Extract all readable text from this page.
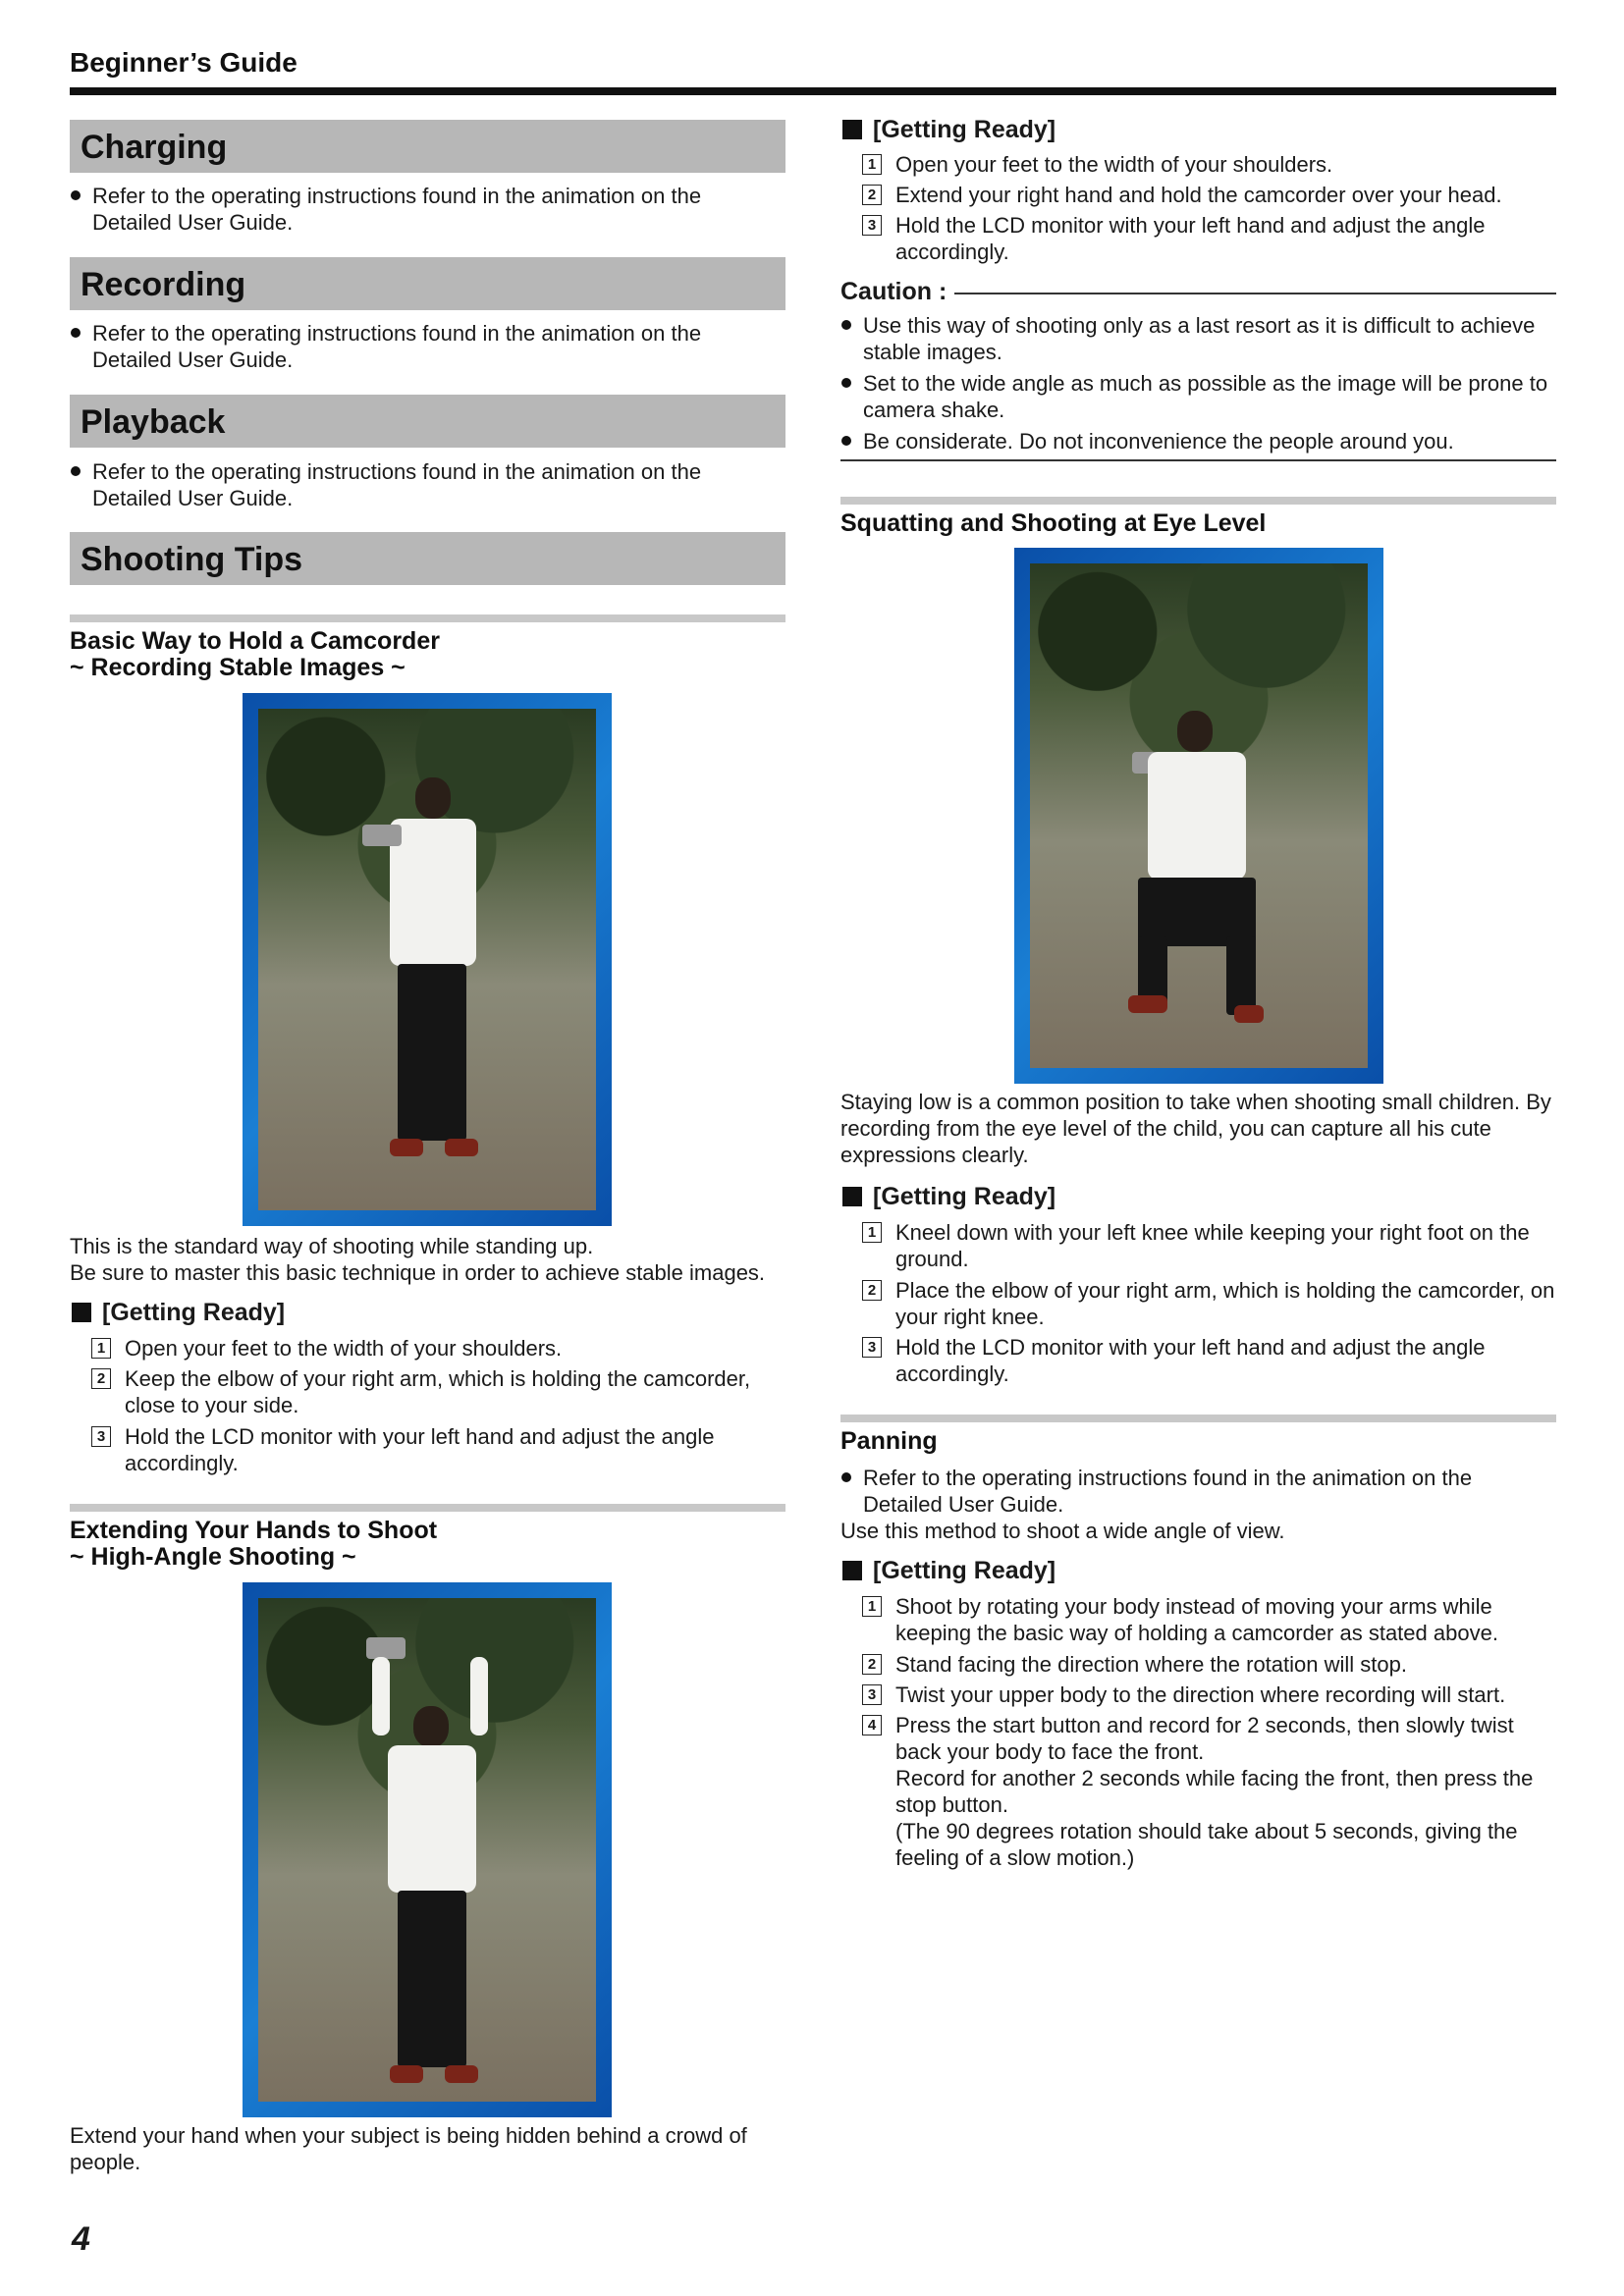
Beginner’s Guide
Charging
Refer to the operating instructions found in the animation on the Detailed User Guide.
Recording
Refer to the operating instructions found in the animation on the Detailed User Guide.
Playback
Refer to the operating instructions found in the animation on the Detailed User Guide.
Shooting Tips
Basic Way to Hold a Camcorder
~ Recording Stable Images ~
This is the standard way of shooting while standing up.
Be sure to master this basic technique in order to achieve stable images.
[Getting Ready]
1 Open your feet to the width of your shoulders.
2 Keep the elbow of your right arm, which is holding the camcorder, close to your side.
3 Hold the LCD monitor with your left hand and adjust the angle accordingly.
Extending Your Hands to Shoot
~ High-Angle Shooting ~
Extend your hand when your subject is being hidden behind a crowd of people.
[Getting Ready]
1 Open your feet to the width of your shoulders.
2 Extend your right hand and hold the camcorder over your head.
3 Hold the LCD monitor with your left hand and adjust the angle accordingly.
Caution :
Use this way of shooting only as a last resort as it is difficult to achieve stable images.
Set to the wide angle as much as possible as the image will be prone to camera shake.
Be considerate. Do not inconvenience the people around you.
Squatting and Shooting at Eye Level
Staying low is a common position to take when shooting small children. By recording from the eye level of the child, you can capture all his cute expressions clearly.
[Getting Ready]
1 Kneel down with your left knee while keeping your right foot on the ground.
2 Place the elbow of your right arm, which is holding the camcorder, on your right knee.
3 Hold the LCD monitor with your left hand and adjust the angle accordingly.
Panning
Refer to the operating instructions found in the animation on the Detailed User Guide.
Use this method to shoot a wide angle of view.
[Getting Ready]
1 Shoot by rotating your body instead of moving your arms while keeping the basic way of holding a camcorder as stated above.
2 Stand facing the direction where the rotation will stop.
3 Twist your upper body to the direction where recording will start.
4 Press the start button and record for 2 seconds, then slowly twist back your body to face the front.
Record for another 2 seconds while facing the front, then press the stop button.
(The 90 degrees rotation should take about 5 seconds, giving the feeling of a slow motion.)
4
